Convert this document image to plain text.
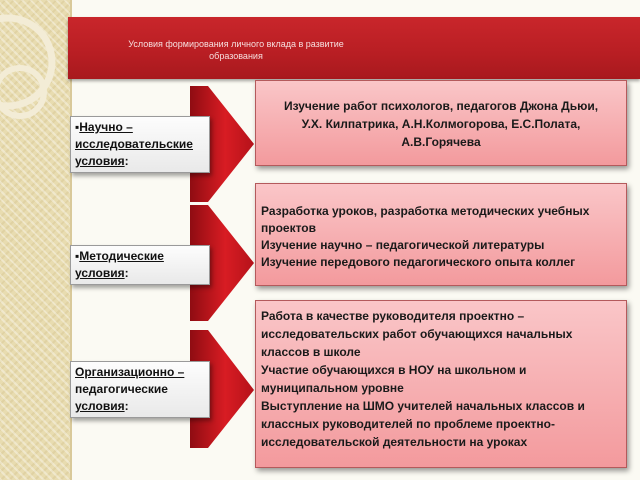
Условия формирования личного вклада в развитие образования
▪Научно –
исследовательские
условия:
Изучение работ психологов, педагогов Джона Дьюи,
У.Х. Килпатрика, А.Н.Колмогорова, Е.С.Полата,
А.В.Горячева
▪Методические
условия:
Разработка уроков, разработка методических учебных
проектов
Изучение научно – педагогической литературы
Изучение передового педагогического опыта коллег
Организационно –
педагогические
условия:
Работа в качестве руководителя проектно –
исследовательских работ обучающихся начальных
классов в школе
Участие обучающихся в НОУ на школьном и
муниципальном уровне
Выступление на ШМО учителей начальных классов и
классных руководителей по проблеме проектно-
исследовательской деятельности на уроках
